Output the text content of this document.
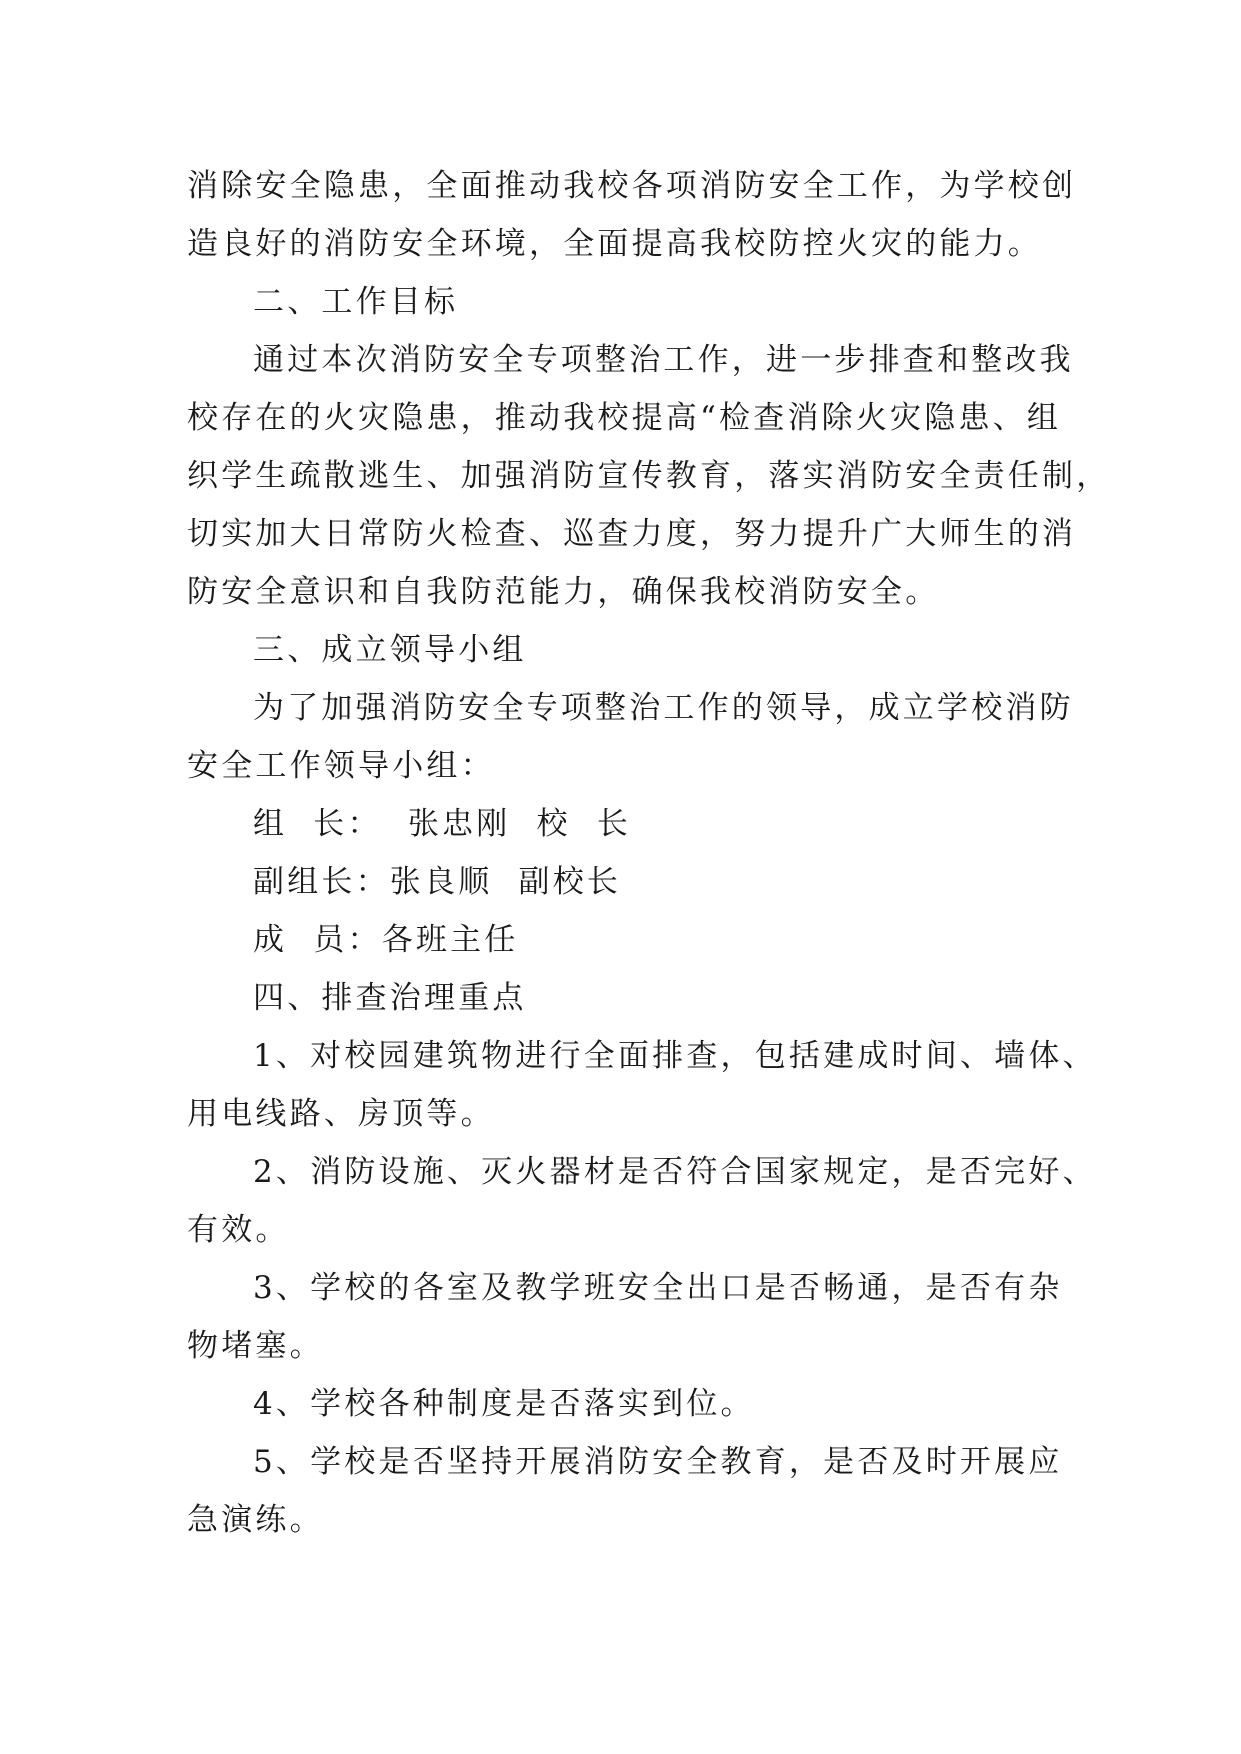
消除安全隐患，全面推动我校各项消防安全工作，为学校创
造良好的消防安全环境，全面提高我校防控火灾的能力。
二、工作目标
通过本次消防安全专项整治工作，进一步排查和整改我
校存在的火灾隐患，推动我校提高“检查消除火灾隐患、组
织学生疏散逃生、加强消防宣传教育，落实消防安全责任制，
切实加大日常防火检查、巡查力度，努力提升广大师生的消
防安全意识和自我防范能力，确保我校消防安全。
三、成立领导小组
为了加强消防安全专项整治工作的领导，成立学校消防
安全工作领导小组：
组  长：  张忠刚  校  长
副组长：张良顺  副校长
成  员：各班主任
四、排查治理重点
1、对校园建筑物进行全面排查，包括建成时间、墙体、
用电线路、房顶等。
2、消防设施、灭火器材是否符合国家规定，是否完好、
有效。
3、学校的各室及教学班安全出口是否畅通，是否有杂
物堵塞。
4、学校各种制度是否落实到位。
5、学校是否坚持开展消防安全教育，是否及时开展应
急演练。
